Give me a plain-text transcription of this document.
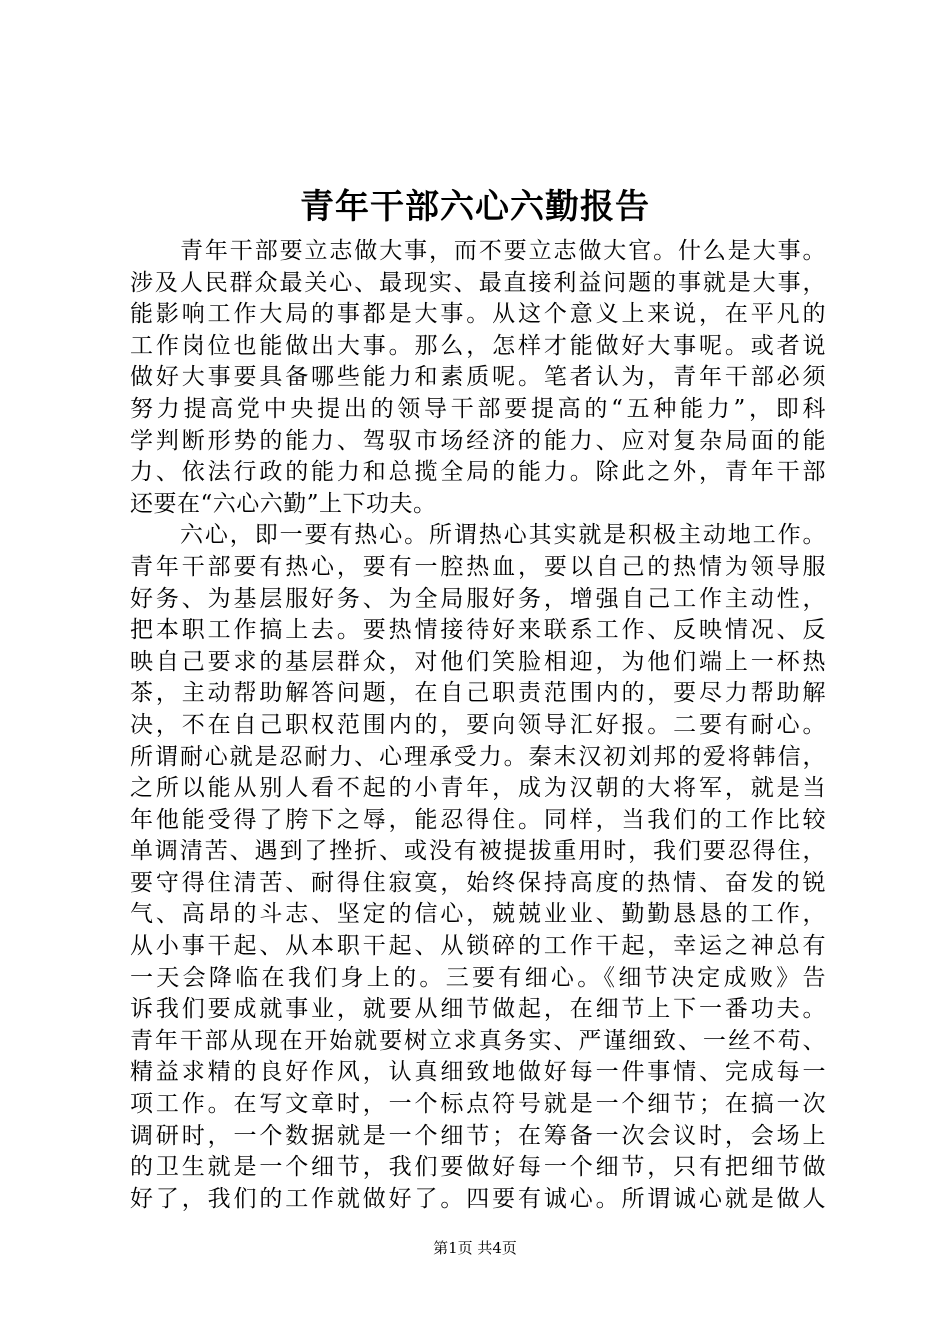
青年干部六心六勤报告
青年干部要立志做大事，而不要立志做大官。什么是大事。
涉及人民群众最关心、最现实、最直接利益问题的事就是大事，
能影响工作大局的事都是大事。从这个意义上来说，在平凡的
工作岗位也能做出大事。那么，怎样才能做好大事呢。或者说
做好大事要具备哪些能力和素质呢。笔者认为，青年干部必须
努力提高党中央提出的领导干部要提高的“五种能力”，即科
学判断形势的能力、驾驭市场经济的能力、应对复杂局面的能
力、依法行政的能力和总揽全局的能力。除此之外，青年干部
还要在“六心六勤”上下功夫。
六心，即一要有热心。所谓热心其实就是积极主动地工作。
青年干部要有热心，要有一腔热血，要以自己的热情为领导服
好务、为基层服好务、为全局服好务，增强自己工作主动性，
把本职工作搞上去。要热情接待好来联系工作、反映情况、反
映自己要求的基层群众，对他们笑脸相迎，为他们端上一杯热
茶，主动帮助解答问题，在自己职责范围内的，要尽力帮助解
决，不在自己职权范围内的，要向领导汇好报。二要有耐心。
所谓耐心就是忍耐力、心理承受力。秦末汉初刘邦的爱将韩信，
之所以能从别人看不起的小青年，成为汉朝的大将军，就是当
年他能受得了胯下之辱，能忍得住。同样，当我们的工作比较
单调清苦、遇到了挫折、或没有被提拔重用时，我们要忍得住，
要守得住清苦、耐得住寂寞，始终保持高度的热情、奋发的锐
气、高昂的斗志、坚定的信心，兢兢业业、勤勤恳恳的工作，
从小事干起、从本职干起、从锁碎的工作干起，幸运之神总有
一天会降临在我们身上的。三要有细心。《细节决定成败》告
诉我们要成就事业，就要从细节做起，在细节上下一番功夫。
青年干部从现在开始就要树立求真务实、严谨细致、一丝不苟、
精益求精的良好作风，认真细致地做好每一件事情、完成每一
项工作。在写文章时，一个标点符号就是一个细节；在搞一次
调研时，一个数据就是一个细节；在筹备一次会议时，会场上
的卫生就是一个细节，我们要做好每一个细节，只有把细节做
好了，我们的工作就做好了。四要有诚心。所谓诚心就是做人
第1页 共4页
